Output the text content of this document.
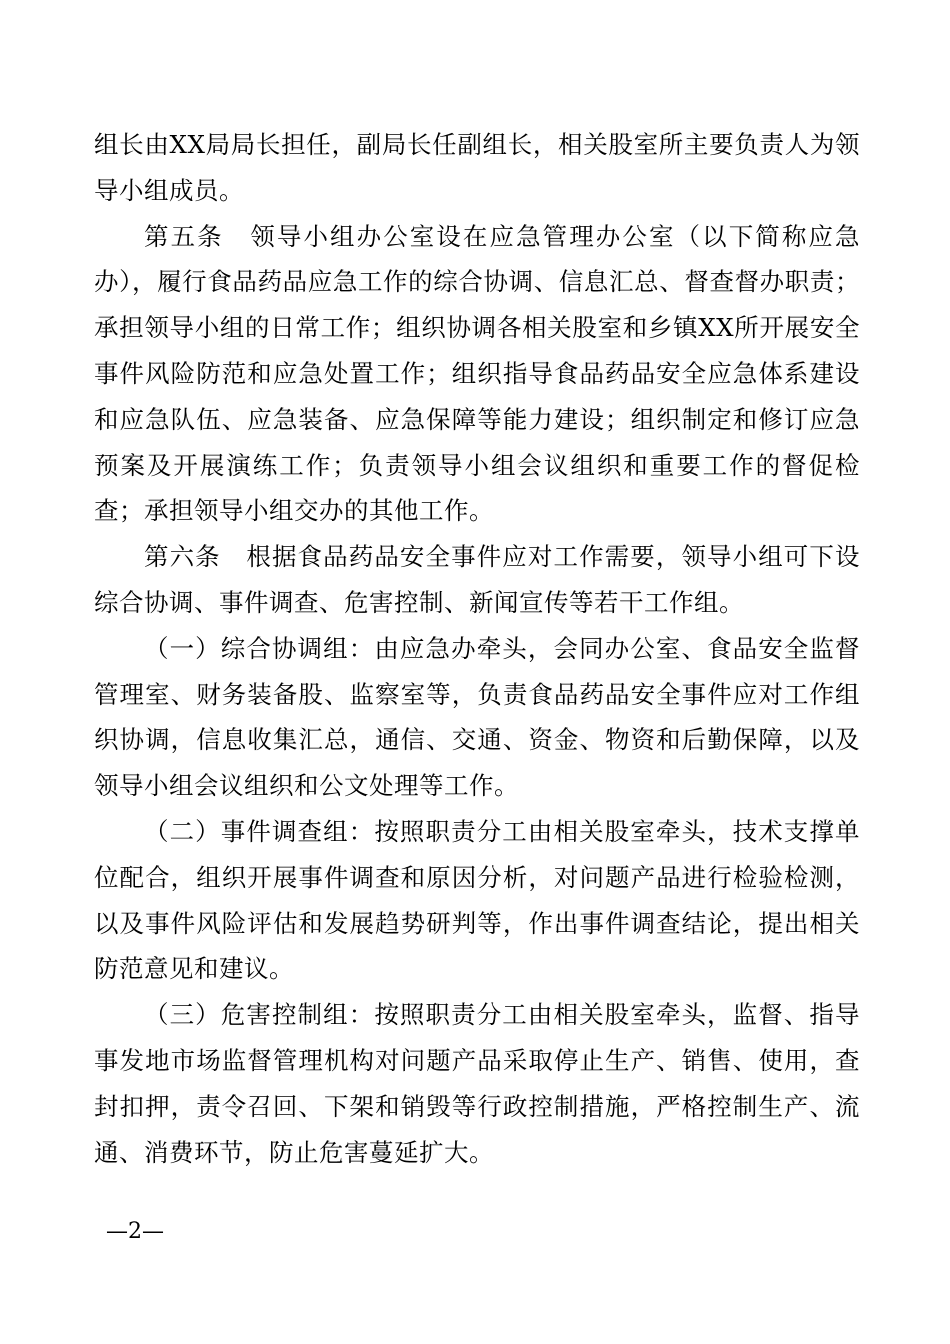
组长由XX局局长担任，副局长任副组长，相关股室所主要负责人为领导小组成员。

第五条　领导小组办公室设在应急管理办公室（以下简称应急办），履行食品药品应急工作的综合协调、信息汇总、督查督办职责；承担领导小组的日常工作；组织协调各相关股室和乡镇XX所开展安全事件风险防范和应急处置工作；组织指导食品药品安全应急体系建设和应急队伍、应急装备、应急保障等能力建设；组织制定和修订应急预案及开展演练工作；负责领导小组会议组织和重要工作的督促检查；承担领导小组交办的其他工作。

第六条　根据食品药品安全事件应对工作需要，领导小组可下设综合协调、事件调查、危害控制、新闻宣传等若干工作组。

（一）综合协调组：由应急办牵头，会同办公室、食品安全监督管理室、财务装备股、监察室等，负责食品药品安全事件应对工作组织协调，信息收集汇总，通信、交通、资金、物资和后勤保障，以及领导小组会议组织和公文处理等工作。

（二）事件调查组：按照职责分工由相关股室牵头，技术支撑单位配合，组织开展事件调查和原因分析，对问题产品进行检验检测，以及事件风险评估和发展趋势研判等，作出事件调查结论，提出相关防范意见和建议。

（三）危害控制组：按照职责分工由相关股室牵头，监督、指导事发地市场监督管理机构对问题产品采取停止生产、销售、使用，查封扣押，责令召回、下架和销毁等行政控制措施，严格控制生产、流通、消费环节，防止危害蔓延扩大。

—2—
